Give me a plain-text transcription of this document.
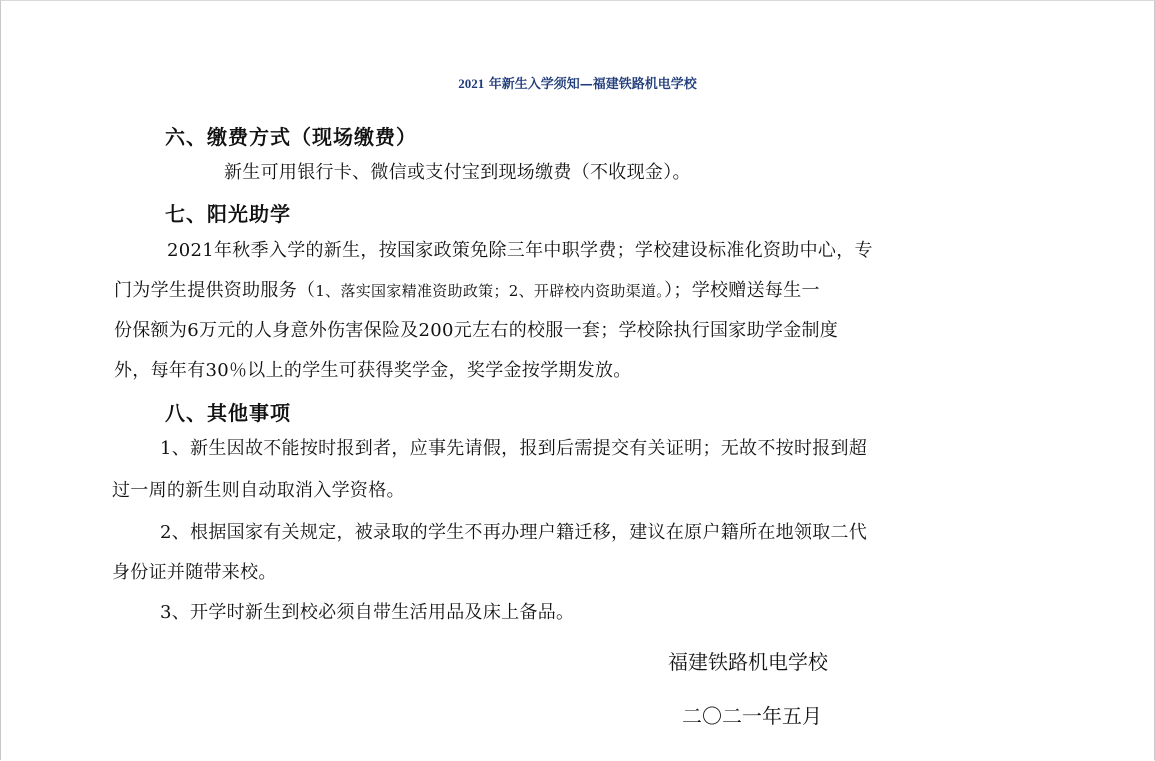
2021 年新生入学须知—福建铁路机电学校
六、缴费方式（现场缴费）
新生可用银行卡、微信或支付宝到现场缴费（不收现金）。
七、阳光助学
2021年秋季入学的新生，按国家政策免除三年中职学费；学校建设标准化资助中心，专
门为学生提供资助服务（1、落实国家精准资助政策；2、开辟校内资助渠道。）；学校赠送每生一
份保额为6万元的人身意外伤害保险及200元左右的校服一套；学校除执行国家助学金制度
外，每年有30％以上的学生可获得奖学金，奖学金按学期发放。
八、其他事项
1、新生因故不能按时报到者，应事先请假，报到后需提交有关证明；无故不按时报到超
过一周的新生则自动取消入学资格。
2、根据国家有关规定，被录取的学生不再办理户籍迁移，建议在原户籍所在地领取二代
身份证并随带来校。
3、开学时新生到校必须自带生活用品及床上备品。
福建铁路机电学校
二〇二一年五月
